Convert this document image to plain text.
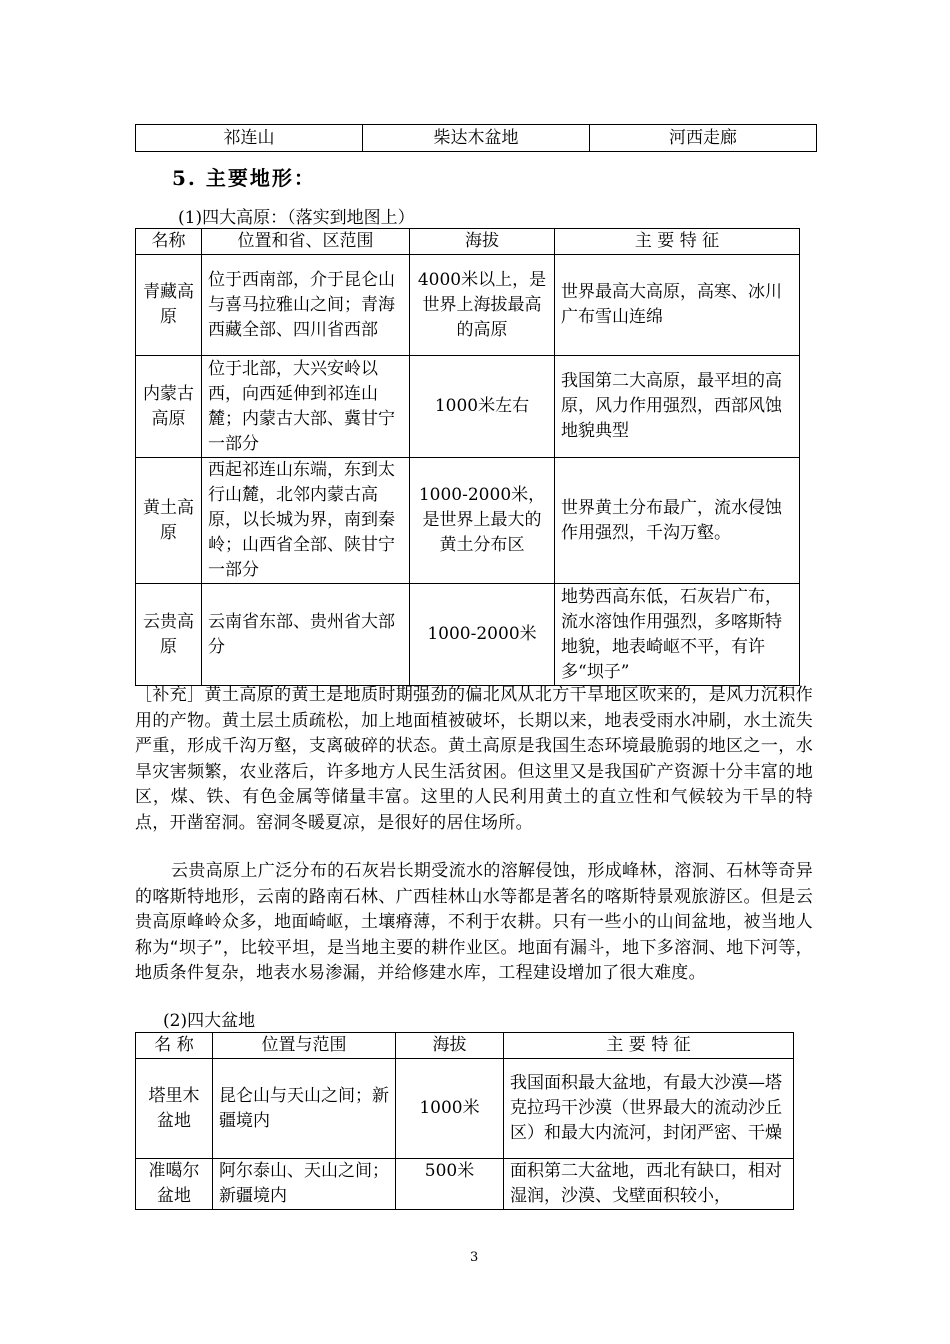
祁连山	柴达木盆地	河西走廊
5. 主要地形：
(1)四大高原：（落实到地图上）
名称	位置和省、区范围	海拔	主 要 特 征
青藏高原	位于西南部，介于昆仑山与喜马拉雅山之间；青海西藏全部、四川省西部	4000米以上，是世界上海拔最高的高原	世界最高大高原，高寒、冰川广布雪山连绵
内蒙古高原	位于北部，大兴安岭以西，向西延伸到祁连山麓；内蒙古大部、冀甘宁一部分	1000米左右	我国第二大高原，最平坦的高原，风力作用强烈，西部风蚀地貌典型
黄土高原	西起祁连山东端，东到太行山麓，北邻内蒙古高原，以长城为界，南到秦岭；山西省全部、陕甘宁一部分	1000-2000米，是世界上最大的黄土分布区	世界黄土分布最广，流水侵蚀作用强烈，千沟万壑。
云贵高原	云南省东部、贵州省大部分	1000-2000米	地势西高东低，石灰岩广布，流水溶蚀作用强烈，多喀斯特地貌，地表崎岖不平，有许多“坝子”
［补充］黄土高原的黄土是地质时期强劲的偏北风从北方干旱地区吹来的，是风力沉积作用的产物。黄土层土质疏松，加上地面植被破坏，长期以来，地表受雨水冲刷，水土流失严重，形成千沟万壑，支离破碎的状态。黄土高原是我国生态环境最脆弱的地区之一，水旱灾害频繁，农业落后，许多地方人民生活贫困。但这里又是我国矿产资源十分丰富的地区，煤、铁、有色金属等储量丰富。这里的人民利用黄土的直立性和气候较为干旱的特点，开凿窑洞。窑洞冬暖夏凉，是很好的居住场所。
云贵高原上广泛分布的石灰岩长期受流水的溶解侵蚀，形成峰林，溶洞、石林等奇异的喀斯特地形，云南的路南石林、广西桂林山水等都是著名的喀斯特景观旅游区。但是云贵高原峰岭众多，地面崎岖，土壤瘠薄，不利于农耕。只有一些小的山间盆地，被当地人称为“坝子”，比较平坦，是当地主要的耕作业区。地面有漏斗，地下多溶洞、地下河等，地质条件复杂，地表水易渗漏，并给修建水库，工程建设增加了很大难度。
(2)四大盆地
名 称	位置与范围	海拔	主 要 特 征
塔里木盆地	昆仑山与天山之间；新疆境内	1000米	我国面积最大盆地，有最大沙漠—塔克拉玛干沙漠（世界最大的流动沙丘区）和最大内流河，封闭严密、干燥
准噶尔盆地	阿尔泰山、天山之间；新疆境内	500米	面积第二大盆地，西北有缺口，相对湿润，沙漠、戈壁面积较小，
3
